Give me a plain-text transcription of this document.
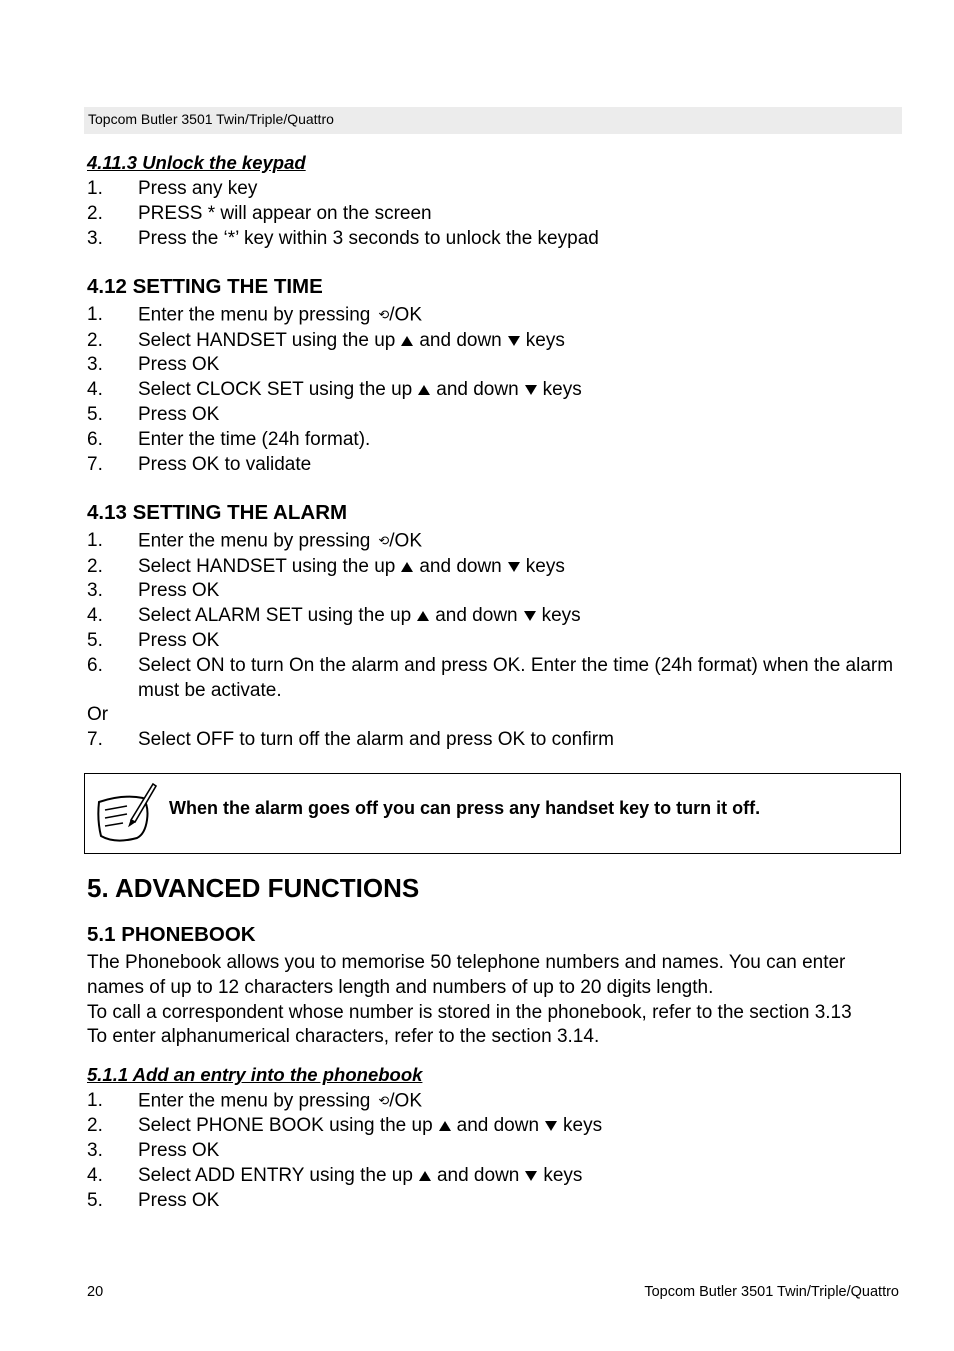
Topcom Butler 3501 Twin/Triple/Quattro
4.11.3 Unlock the keypad
1.	Press any key
2.	PRESS * will appear on the screen
3.	Press the ‘*’ key within 3 seconds to unlock the keypad
4.12 SETTING THE TIME
1.	Enter the menu by pressing ⟲/OK
2.	Select HANDSET using the up and down keys
3.	Press OK
4.	Select CLOCK SET using the up and down keys
5.	Press OK
6.	Enter the time (24h format).
7.	Press OK to validate
4.13 SETTING THE ALARM
1.	Enter the menu by pressing ⟲/OK
2.	Select HANDSET using the up and down keys
3.	Press OK
4.	Select ALARM SET using the up and down keys
5.	Press OK
6.	Select ON to turn On the alarm and press OK. Enter the time (24h format) when the alarm must be activate.

Or

7.	Select OFF to turn off the alarm and press OK to confirm
5. ADVANCED FUNCTIONS
5.1 PHONEBOOK

The Phonebook allows you to memorise 50 telephone numbers and names. You can enter names of up to 12 characters length and numbers of up to 20 digits length.

To call a correspondent whose number is stored in the phonebook, refer to the section 3.13

To enter alphanumerical characters, refer to the section 3.14.

5.1.1 Add an entry into the phonebook
1.	Enter the menu by pressing ⟲/OK
2.	Select PHONE BOOK using the up and down keys
3.	Press OK
4.	Select ADD ENTRY using the up and down keys
5.	Press OK
When the alarm goes off you can press any handset key to turn it off.
20	Topcom Butler 3501 Twin/Triple/Quattro
